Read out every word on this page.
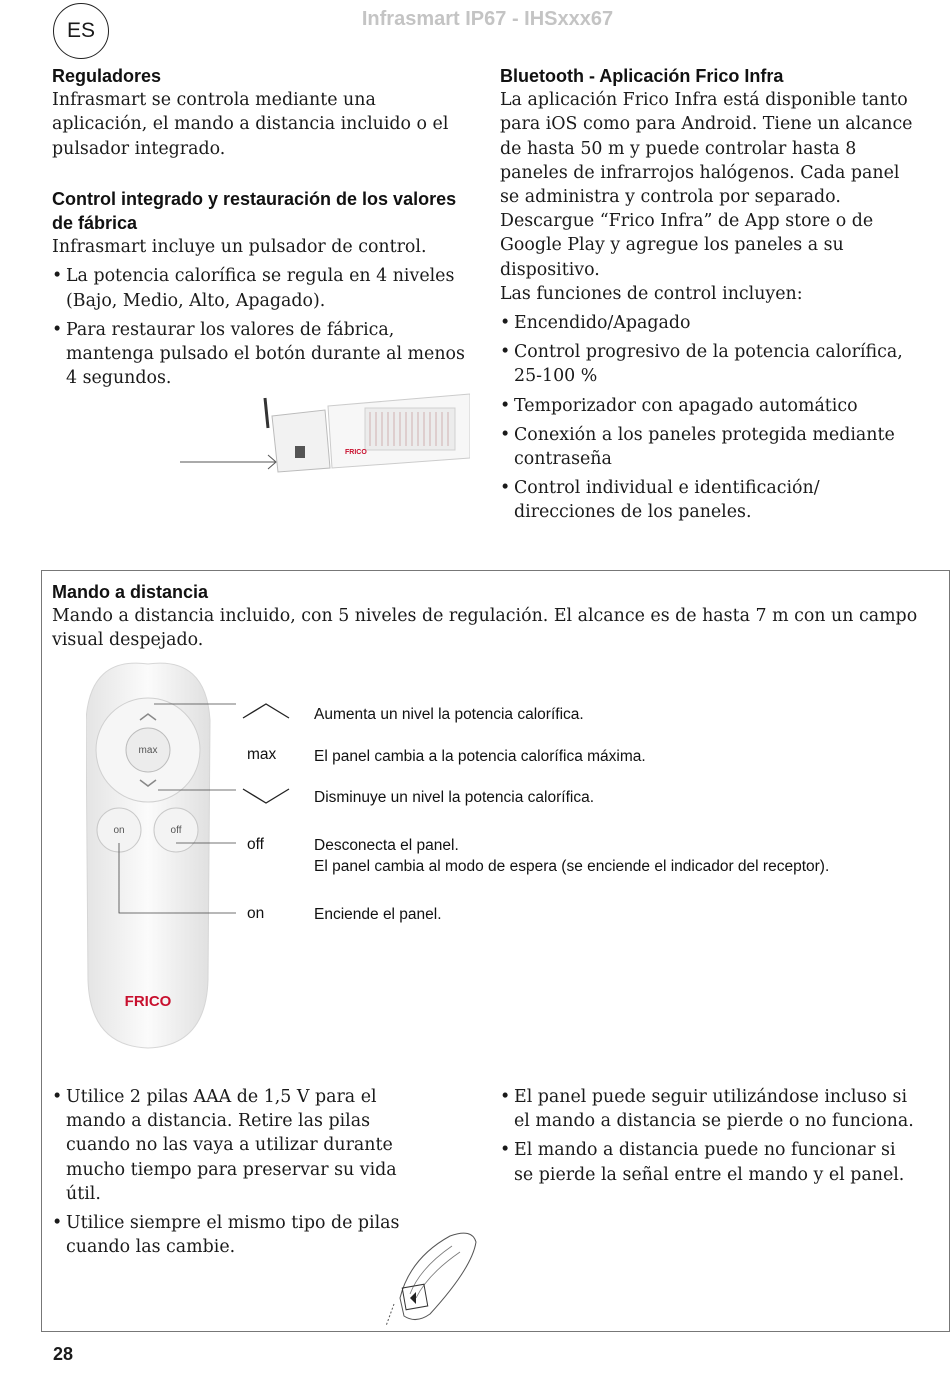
ES	Infrasmart IP67 - IHSxxx67
Reguladores
Infrasmart se controla mediante una aplicación, el mando a distancia incluido o el pulsador integrado.
Control integrado y restauración de los valores de fábrica
Infrasmart incluye un pulsador de control.
• La potencia calorífica se regula en 4 niveles (Bajo, Medio, Alto, Apagado).
• Para restaurar los valores de fábrica, mantenga pulsado el botón durante al menos 4 segundos.
FRICO
Bluetooth - Aplicación Frico Infra
La aplicación Frico Infra está disponible tanto para iOS como para Android. Tiene un alcance de hasta 50 m y puede controlar hasta 8 paneles de infrarrojos halógenos. Cada panel se administra y controla por separado. Descargue “Frico Infra” de App store o de Google Play y agregue los paneles a su dispositivo.
Las funciones de control incluyen:
• Encendido/Apagado
• Control progresivo de la potencia calorífica, 25-100 %
• Temporizador con apagado automático
• Conexión a los paneles protegida mediante contraseña
• Control individual e identificación/ direcciones de los paneles.
Mando a distancia
Mando a distancia incluido, con 5 niveles de regulación. El alcance es de hasta 7 m con un campo visual despejado.
max
on	off
FRICO
max
off
on
Aumenta un nivel la potencia calorífica.
El panel cambia a la potencia calorífica máxima.
Disminuye un nivel la potencia calorífica.
Desconecta el panel.
El panel cambia al modo de espera (se enciende el indicador del receptor).
Enciende el panel.
• Utilice 2 pilas AAA de 1,5 V para el mando a distancia. Retire las pilas cuando no las vaya a utilizar durante mucho tiempo para preservar su vida útil.
• Utilice siempre el mismo tipo de pilas cuando las cambie.
• El panel puede seguir utilizándose incluso si el mando a distancia se pierde o no funciona.
• El mando a distancia puede no funcionar si se pierde la señal entre el mando y el panel.
28
